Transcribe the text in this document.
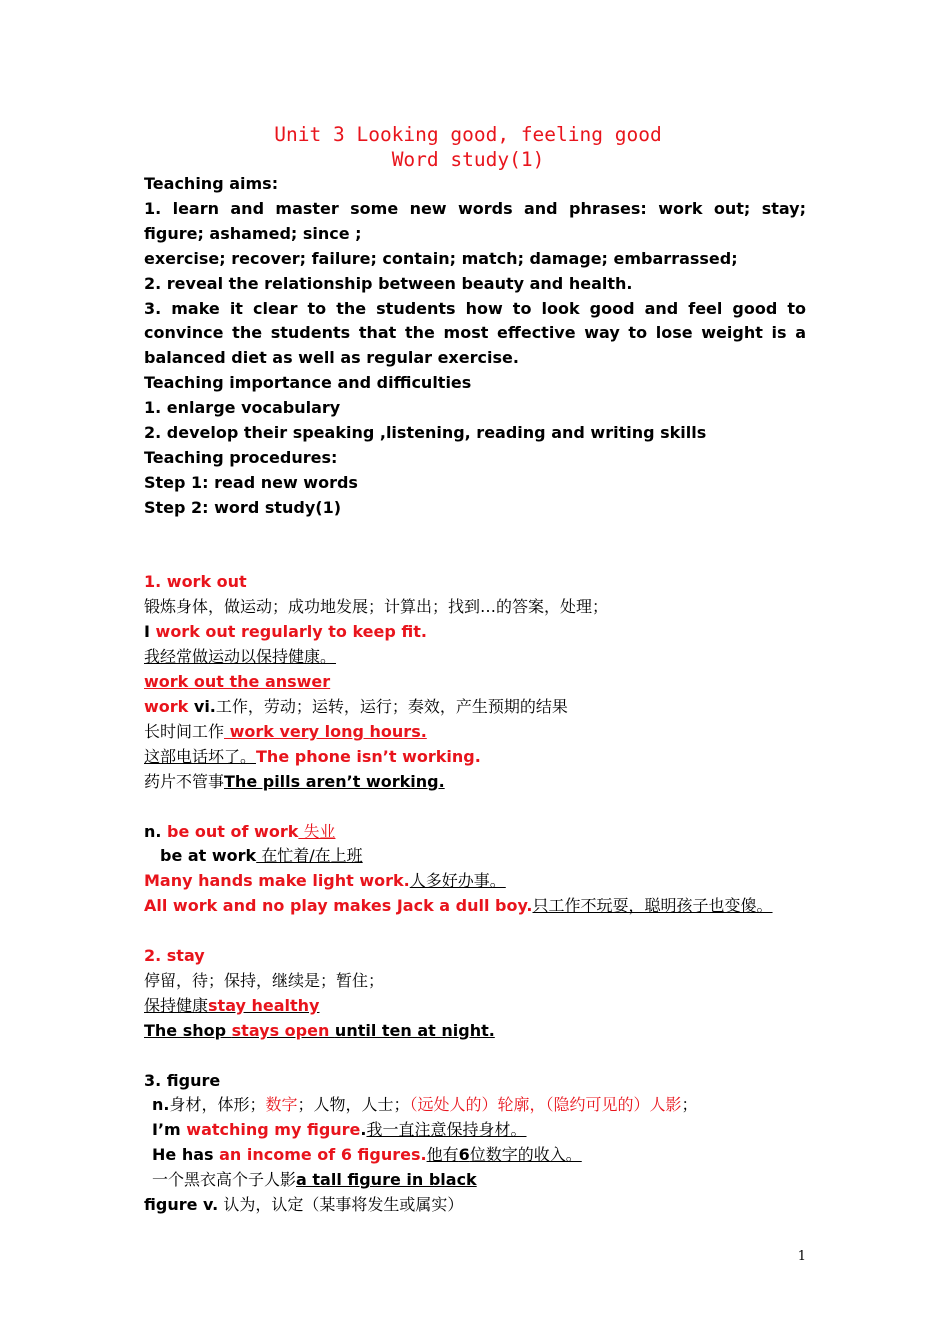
Unit 3 Looking good, feeling good
Word study(1)

Teaching aims:

1. learn and master some new words and phrases: work out; stay; figure; ashamed; since ;

exercise; recover; failure; contain; match; damage; embarrassed;

2. reveal the relationship between beauty and health.

3. make it clear to the students how to look good and feel good to convince the students that the most effective way to lose weight is a balanced diet as well as regular exercise.

Teaching importance and difficulties

1. enlarge vocabulary

2. develop their speaking ,listening, reading and writing skills

Teaching procedures:

Step 1: read new words

Step 2: word study(1)

1. work out

锻炼身体，做运动；成功地发展；计算出；找到…的答案，处理；

I work out regularly to keep fit.

我经常做运动以保持健康。

work out the answer

work vi.工作，劳动；运转，运行；奏效，产生预期的结果

长时间工作 work very long hours.

这部电话坏了。The phone isn’t working.

药片不管事The pills aren’t working.

n. be out of work 失业

be at work 在忙着/在上班

Many hands make light work.人多好办事。

All work and no play makes Jack a dull boy.只工作不玩耍，聪明孩子也变傻。

2. stay

停留，待；保持，继续是；暂住；

保持健康stay healthy

The shop stays open until ten at night.

3. figure

n.身材，体形；数字；人物，人士；（远处人的）轮廓，（隐约可见的）人影；

I’m watching my figure.我一直注意保持身材。

He has an income of 6 figures.他有6位数字的收入。

一个黑衣高个子人影a tall figure in black

figure v. 认为，认定（某事将发生或属实）

1
